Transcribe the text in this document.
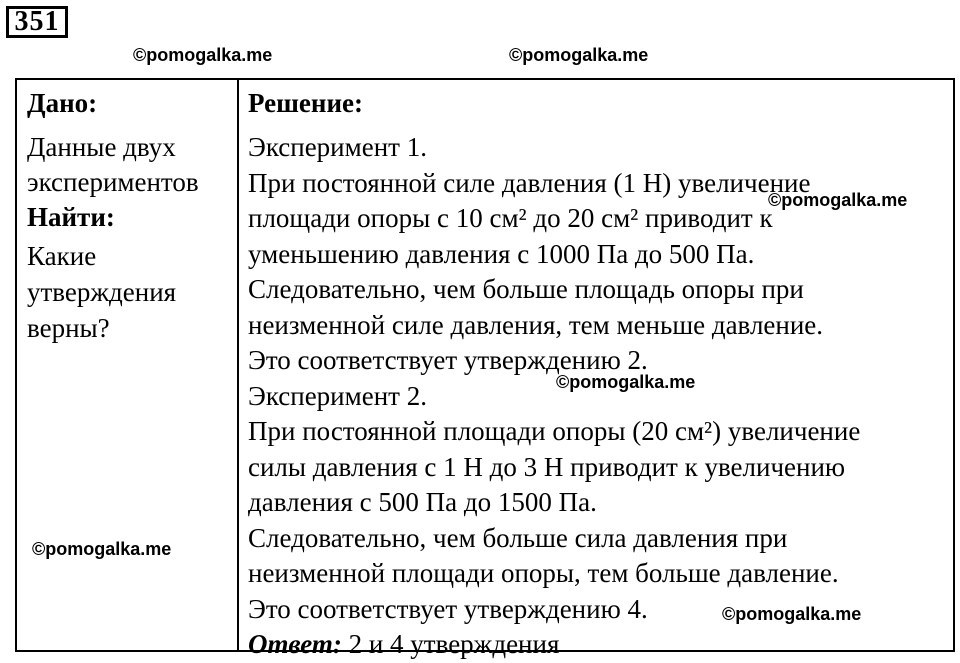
351
©pomogalka.me	©pomogalka.me
Дано:
Данные двух
экспериментов
Найти:
Какие
утверждения
верны?
Решение:
Эксперимент 1.
При постоянной силе давления (1 Н) увеличение
площади опоры с 10 см² до 20 см² приводит к
уменьшению давления с 1000 Па до 500 Па.
Следовательно, чем больше площадь опоры при
неизменной силе давления, тем меньше давление.
Это соответствует утверждению 2.
Эксперимент 2.
При постоянной площади опоры (20 см²) увеличение
силы давления с 1 Н до 3 Н приводит к увеличению
давления с 500 Па до 1500 Па.
Следовательно, чем больше сила давления при
неизменной площади опоры, тем больше давление.
Это соответствует утверждению 4.
Ответ: 2 и 4 утверждения
©pomogalka.me
©pomogalka.me
©pomogalka.me
©pomogalka.me
